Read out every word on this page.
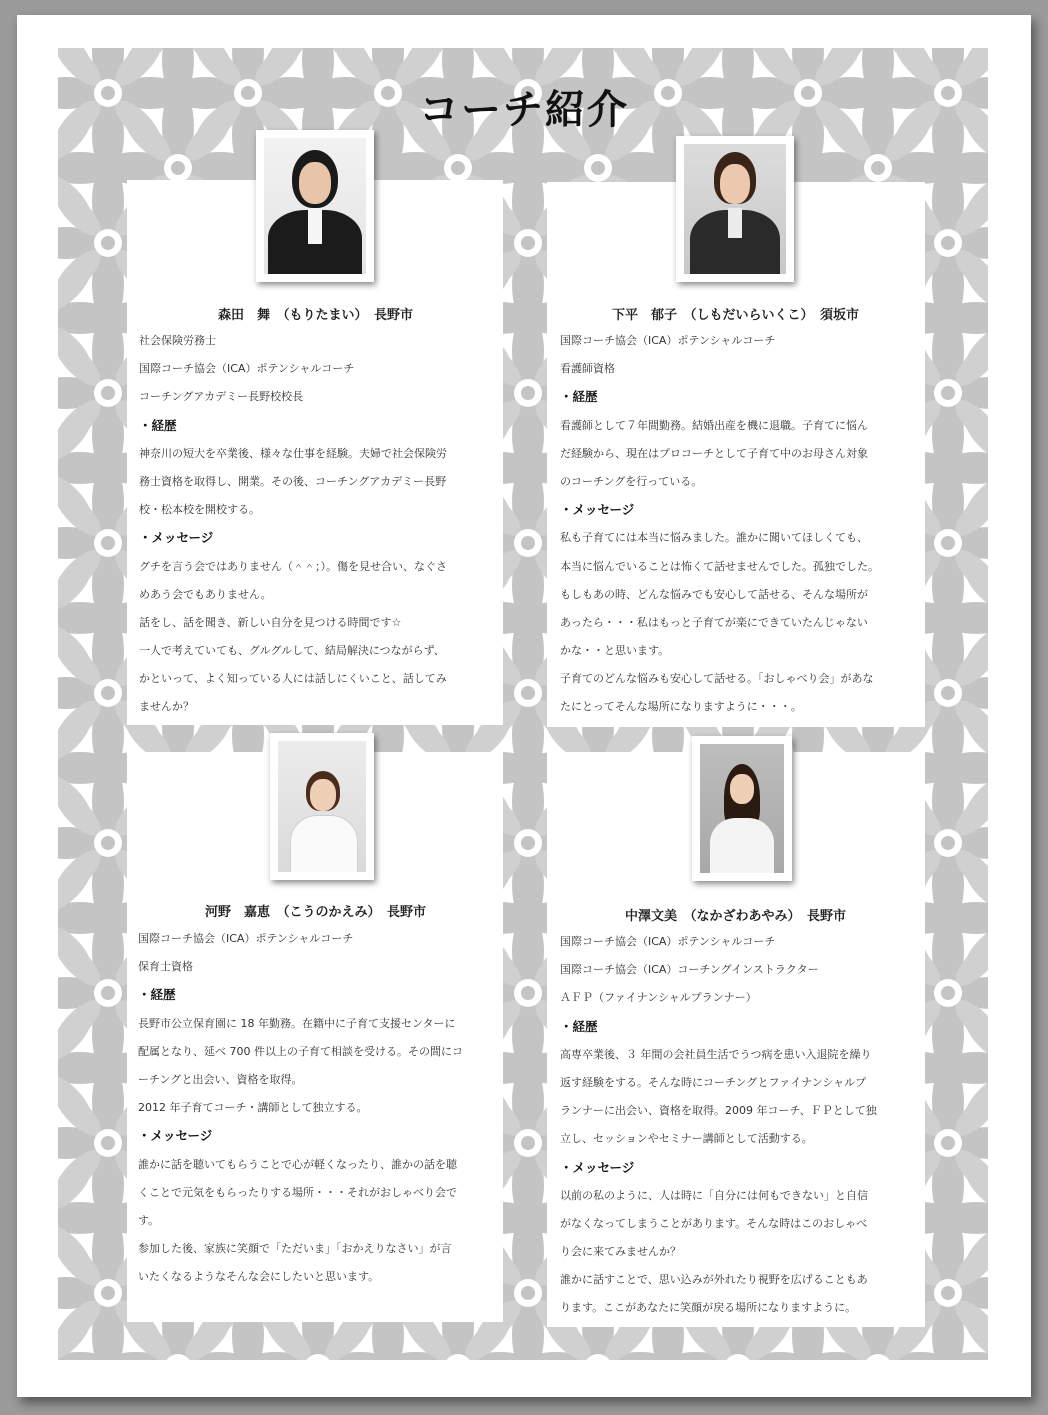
コーチ紹介
森田　舞　（もりたまい）　長野市	下平　郁子　（しもだいらいくこ）　須坂市
河野　嘉恵　（こうのかえみ）　長野市	中澤文美　（なかざわあやみ）　長野市
社会保険労務士
国際コーチ協会（ICA）ポテンシャルコーチ
コーチングアカデミー長野校校長
・経歴
神奈川の短大を卒業後、様々な仕事を経験。夫婦で社会保険労
務士資格を取得し、開業。その後、コーチングアカデミー長野
校・松本校を開校する。
・メッセージ
グチを言う会ではありません（＾＾；）。傷を見せ合い、なぐさ
めあう会でもありません。
話をし、話を聞き、新しい自分を見つける時間です☆
一人で考えていても、グルグルして、結局解決につながらず、
かといって、よく知っている人には話しにくいこと、話してみ
ませんか？
国際コーチ協会（ICA）ポテンシャルコーチ
看護師資格
・経歴
看護師として７年間勤務。結婚出産を機に退職。子育てに悩ん
だ経験から、現在はプロコーチとして子育て中のお母さん対象
のコーチングを行っている。
・メッセージ
私も子育てには本当に悩みました。誰かに聞いてほしくても、
本当に悩んでいることは怖くて話せませんでした。孤独でした。
もしもあの時、どんな悩みでも安心して話せる、そんな場所が
あったら・・・私はもっと子育てが楽にできていたんじゃない
かな・・と思います。
子育てのどんな悩みも安心して話せる。「おしゃべり会」があな
たにとってそんな場所になりますように・・・。
国際コーチ協会（ICA）ポテンシャルコーチ
保育士資格
・経歴
長野市公立保育園に 18 年勤務。在籍中に子育て支援センターに
配属となり、延べ 700 件以上の子育て相談を受ける。その間にコ
ーチングと出会い、資格を取得。
2012 年子育てコーチ・講師として独立する。
・メッセージ
誰かに話を聴いてもらうことで心が軽くなったり、誰かの話を聴
くことで元気をもらったりする場所・・・それがおしゃべり会で
す。
参加した後、家族に笑顔で「ただいま」「おかえりなさい」が言
いたくなるようなそんな会にしたいと思います。
国際コーチ協会（ICA）ポテンシャルコーチ
国際コーチ協会（ICA）コーチングインストラクター
ＡＦＰ（ファイナンシャルプランナー）
・経歴
高専卒業後、３ 年間の会社員生活でうつ病を患い入退院を繰り
返す経験をする。そんな時にコーチングとファイナンシャルプ
ランナーに出会い、資格を取得。2009 年コーチ、ＦＰとして独
立し、セッションやセミナー講師として活動する。
・メッセージ
以前の私のように、人は時に「自分には何もできない」と自信
がなくなってしまうことがあります。そんな時はこのおしゃべ
り会に来てみませんか？
誰かに話すことで、思い込みが外れたり視野を広げることもあ
ります。ここがあなたに笑顔が戻る場所になりますように。
